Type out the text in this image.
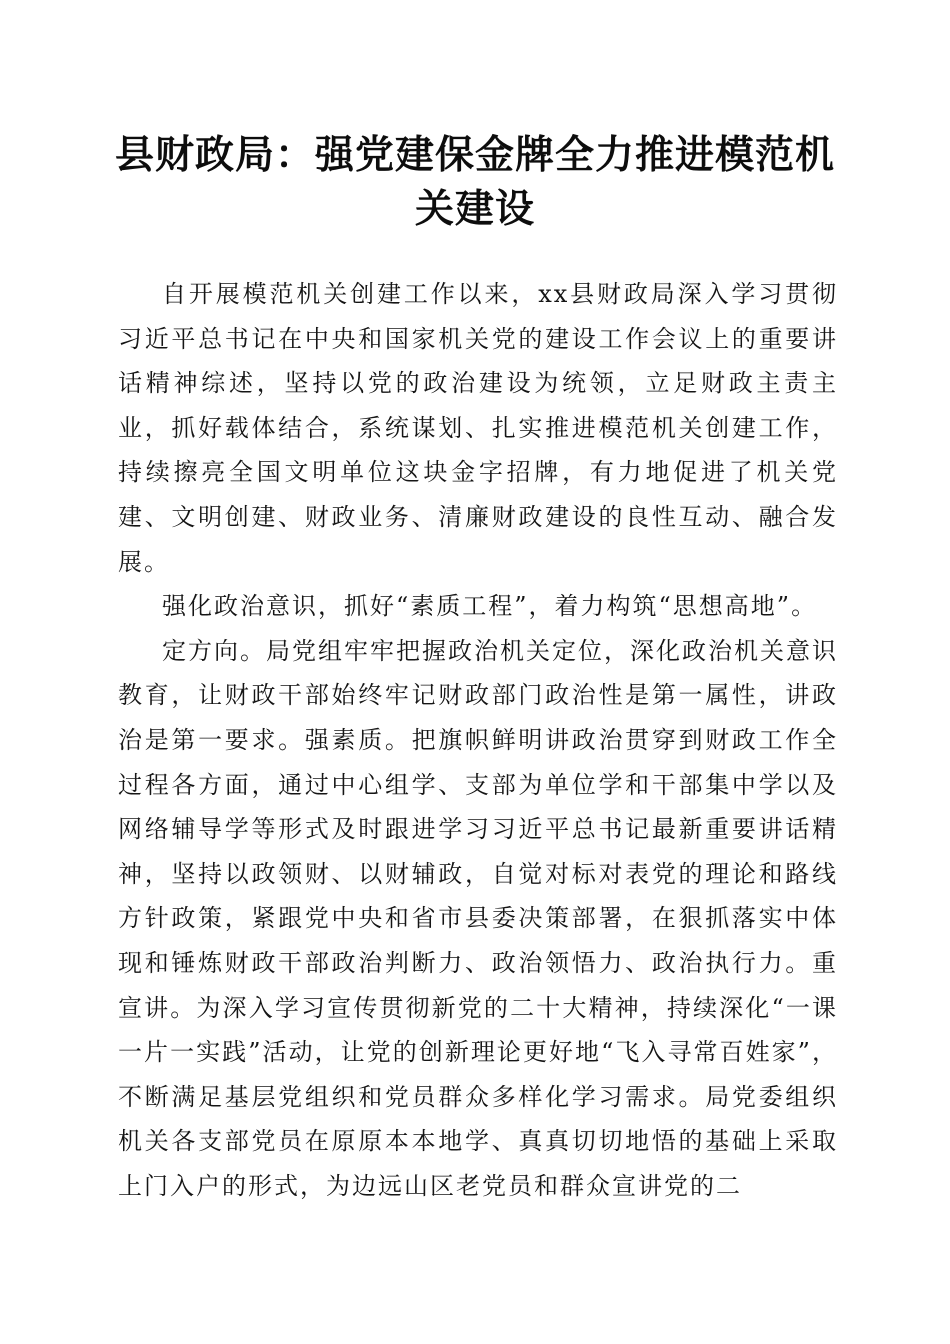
县财政局：强党建保金牌全力推进模范机关建设

自开展模范机关创建工作以来，xx县财政局深入学习贯彻习近平总书记在中央和国家机关党的建设工作会议上的重要讲话精神综述，坚持以党的政治建设为统领，立足财政主责主业，抓好载体结合，系统谋划、扎实推进模范机关创建工作，持续擦亮全国文明单位这块金字招牌，有力地促进了机关党建、文明创建、财政业务、清廉财政建设的良性互动、融合发展。

强化政治意识，抓好“素质工程”，着力构筑“思想高地”。

定方向。局党组牢牢把握政治机关定位，深化政治机关意识教育，让财政干部始终牢记财政部门政治性是第一属性，讲政治是第一要求。强素质。把旗帜鲜明讲政治贯穿到财政工作全过程各方面，通过中心组学、支部为单位学和干部集中学以及网络辅导学等形式及时跟进学习习近平总书记最新重要讲话精神，坚持以政领财、以财辅政，自觉对标对表党的理论和路线方针政策，紧跟党中央和省市县委决策部署，在狠抓落实中体现和锤炼财政干部政治判断力、政治领悟力、政治执行力。重宣讲。为深入学习宣传贯彻新党的二十大精神，持续深化“一课一片一实践”活动，让党的创新理论更好地“飞入寻常百姓家”，不断满足基层党组织和党员群众多样化学习需求。局党委组织机关各支部党员在原原本本地学、真真切切地悟的基础上采取上门入户的形式，为边远山区老党员和群众宣讲党的二
